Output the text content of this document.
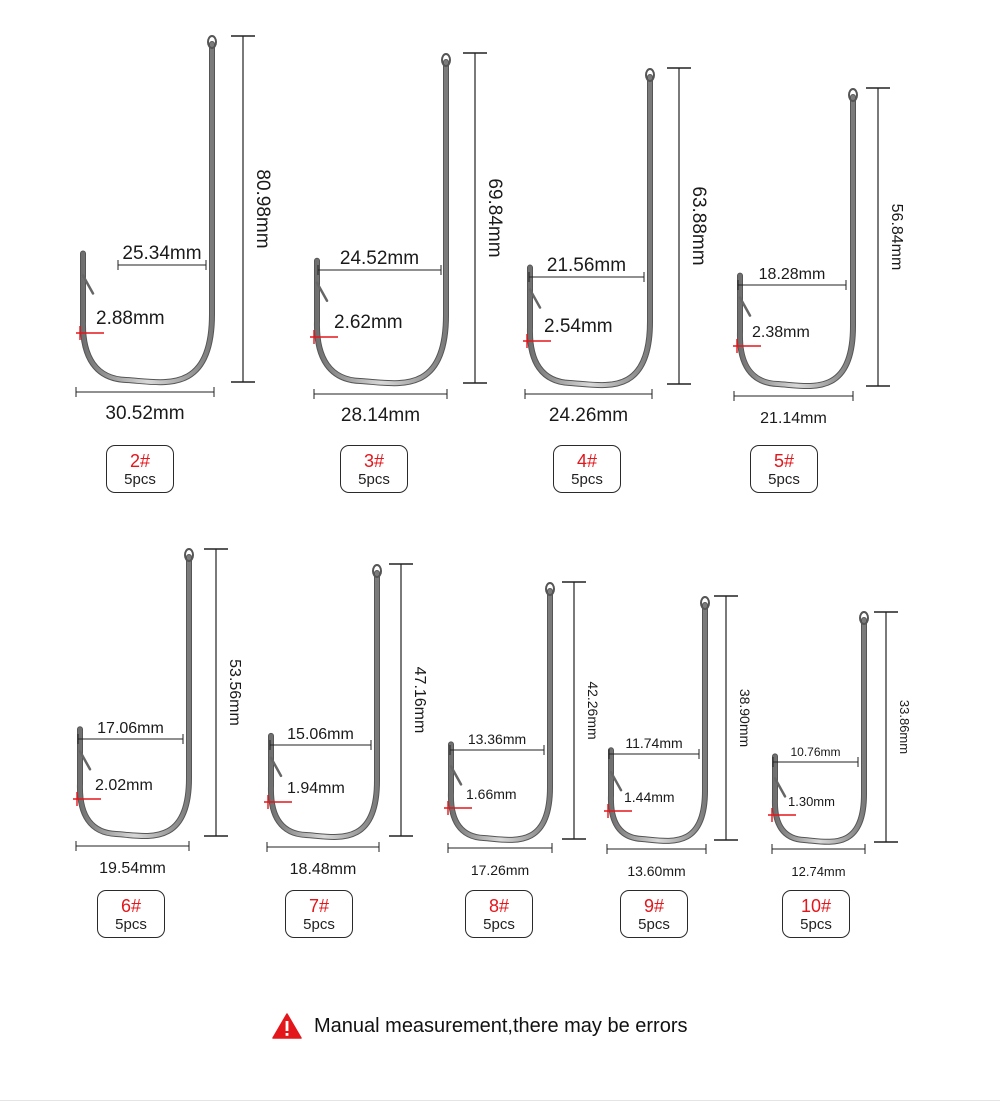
25.34mm
2.88mm
30.52mm
80.98mm
24.52mm
2.62mm
28.14mm
69.84mm
21.56mm
2.54mm
24.26mm
63.88mm
18.28mm
2.38mm
21.14mm
56.84mm
17.06mm
2.02mm
19.54mm
53.56mm
15.06mm
1.94mm
18.48mm
47.16mm
13.36mm
1.66mm
17.26mm
42.26mm
11.74mm
1.44mm
13.60mm
38.90mm
10.76mm
1.30mm
12.74mm
33.86mm
2#
5pcs
3#
5pcs
4#
5pcs
5#
5pcs
6#
5pcs
7#
5pcs
8#
5pcs
9#
5pcs
10#
5pcs
Manual measurement,there may be errors
